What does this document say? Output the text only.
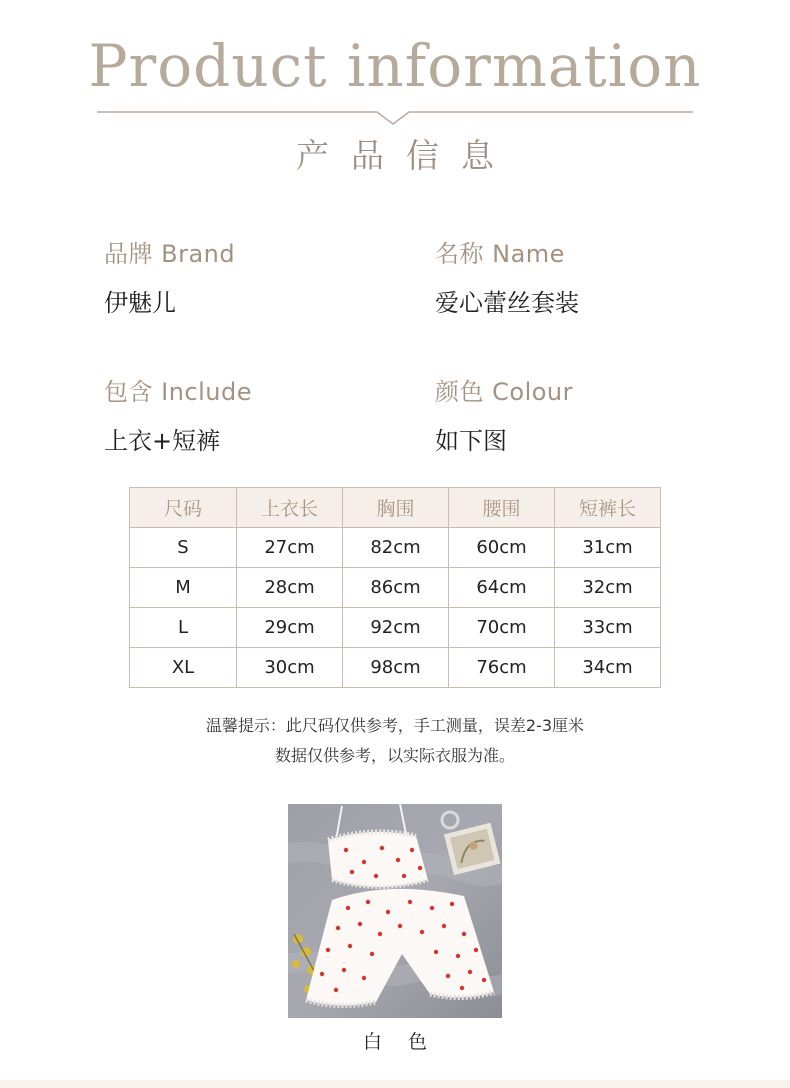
Product information
产品信息
品牌 Brand
伊魅儿
名称 Name
爱心蕾丝套装
包含 Include
上衣+短裤
颜色 Colour
如下图
尺码	上衣长	胸围	腰围	短裤长
S	27cm	82cm	60cm	31cm
M	28cm	86cm	64cm	32cm
L	29cm	92cm	70cm	33cm
XL	30cm	98cm	76cm	34cm
温馨提示：此尺码仅供参考，手工测量，误差2-3厘米
数据仅供参考，以实际衣服为准。
白 色
